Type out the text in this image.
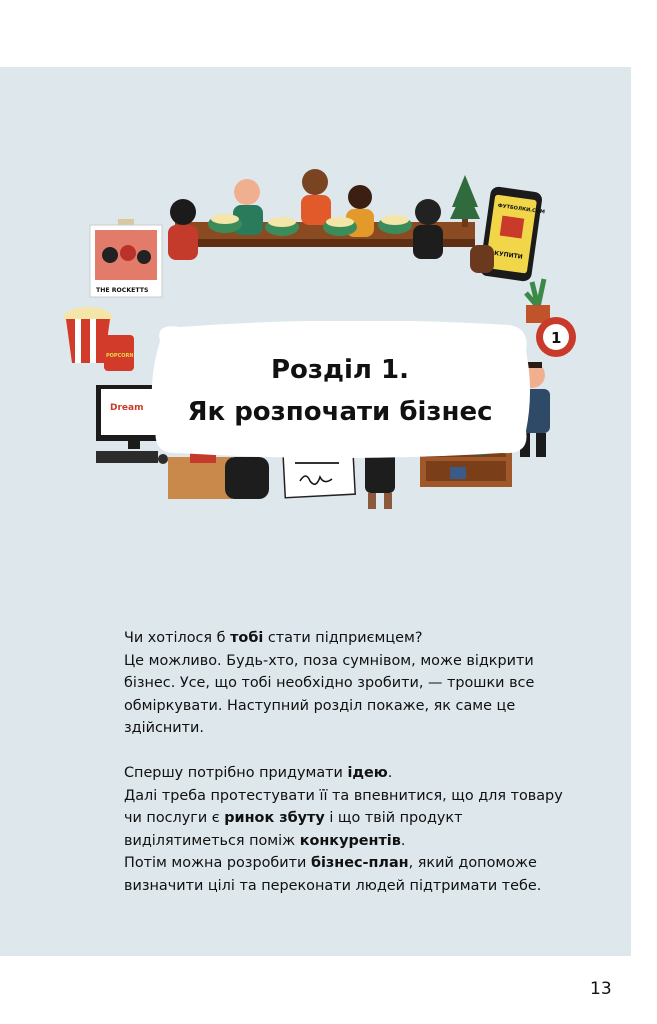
ФУТБОЛКИ.COM
КУПИТИ
THE ROCKETTS
POPCORN
1
Dream
Розділ 1.
Як розпочати бізнес

Чи хотілося б тобі стати підприємцем?
Це можливо. Будь-хто, поза сумнівом, може відкрити бізнес. Усе, що тобі необхідно зробити, — трошки все обміркувати. Наступний розділ покаже, як саме це здійснити.

Спершу потрібно придумати ідею.
Далі треба протестувати її та впевнитися, що для товару чи послуги є ринок збуту і що твій продукт виділятиметься поміж конкурентів.
Потім можна розробити бізнес-план, який допоможе визначити цілі та переконати людей підтримати тебе.

13
